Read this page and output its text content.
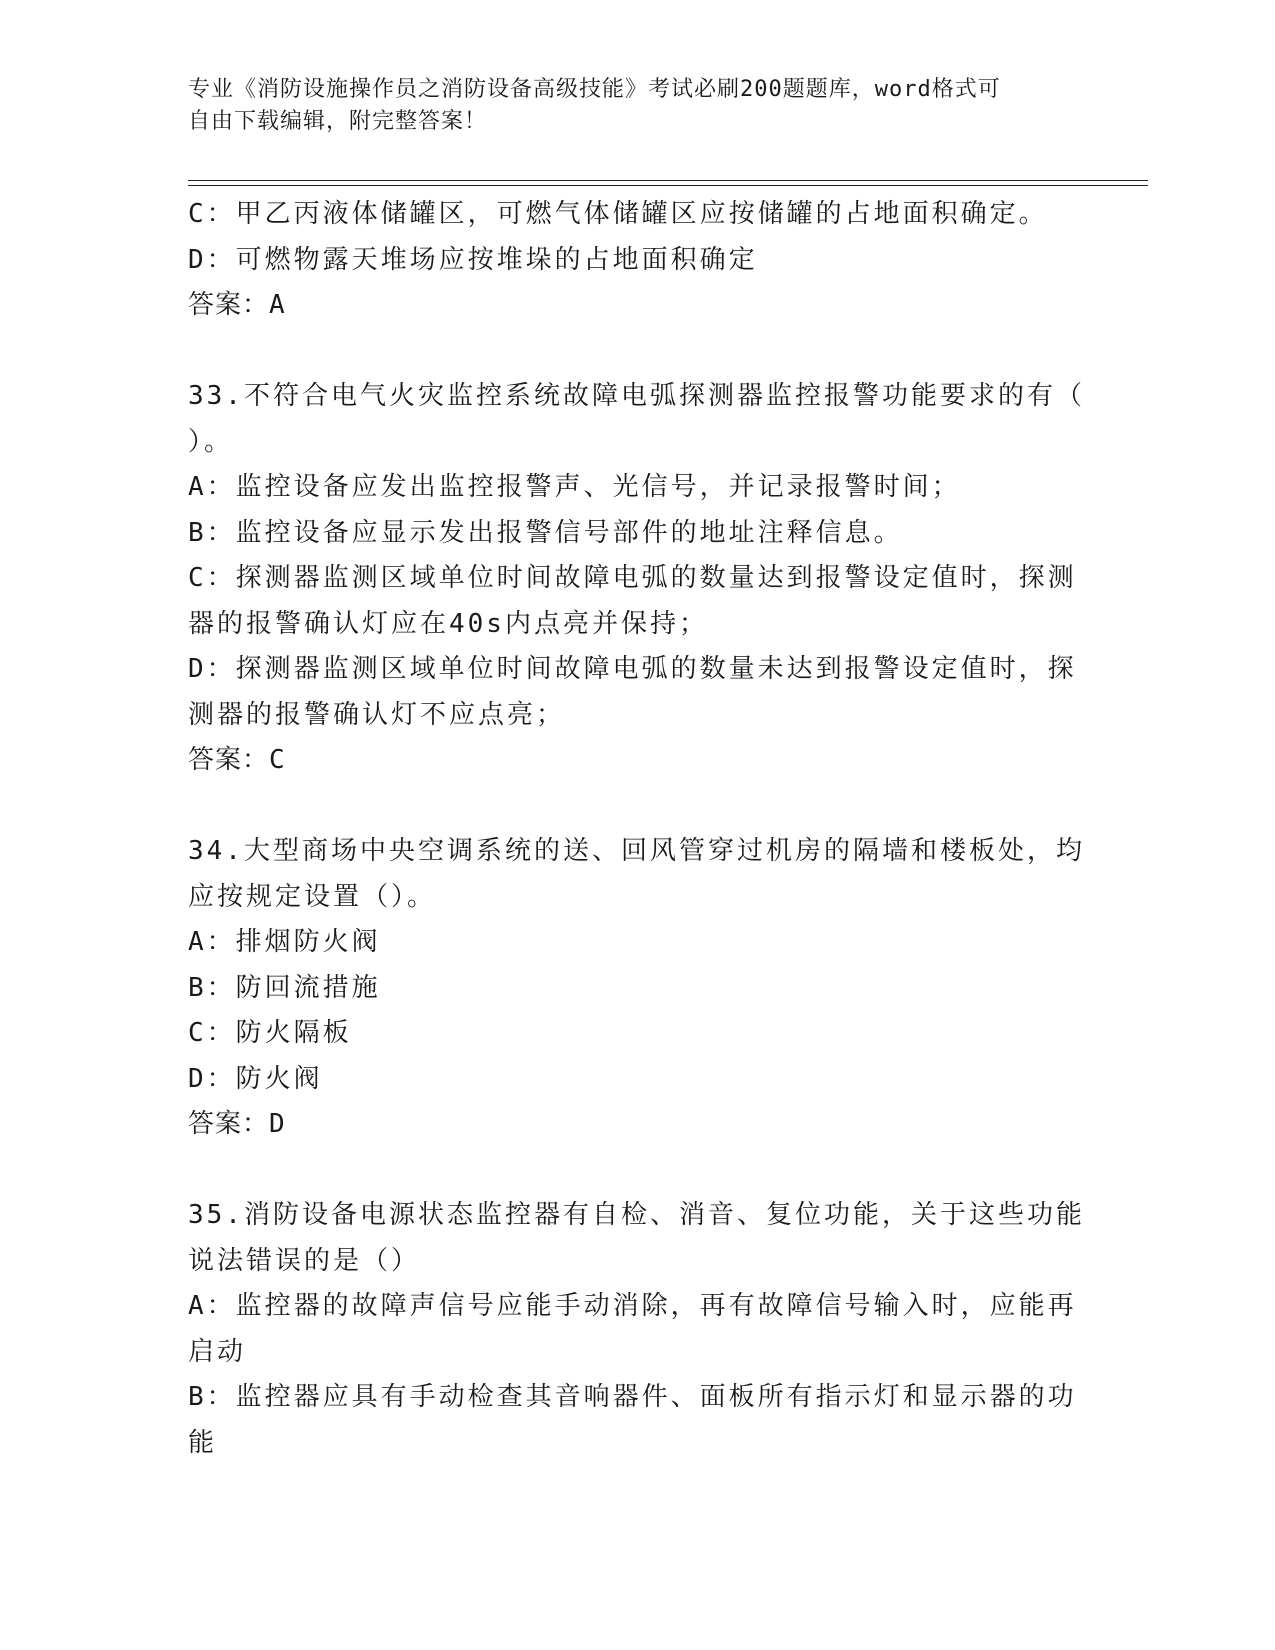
专业《消防设施操作员之消防设备高级技能》考试必刷200题题库，word格式可
自由下载编辑，附完整答案！
C：甲乙丙液体储罐区，可燃气体储罐区应按储罐的占地面积确定。
D：可燃物露天堆场应按堆垛的占地面积确定
答案：A
33.不符合电气火灾监控系统故障电弧探测器监控报警功能要求的有（
）。
A：监控设备应发出监控报警声、光信号，并记录报警时间；
B：监控设备应显示发出报警信号部件的地址注释信息。
C：探测器监测区域单位时间故障电弧的数量达到报警设定值时，探测
器的报警确认灯应在40s内点亮并保持；
D：探测器监测区域单位时间故障电弧的数量未达到报警设定值时，探
测器的报警确认灯不应点亮；
答案：C
34.大型商场中央空调系统的送、回风管穿过机房的隔墙和楼板处，均
应按规定设置（）。
A：排烟防火阀
B：防回流措施
C：防火隔板
D：防火阀
答案：D
35.消防设备电源状态监控器有自检、消音、复位功能，关于这些功能
说法错误的是（）
A：监控器的故障声信号应能手动消除，再有故障信号输入时，应能再
启动
B：监控器应具有手动检查其音响器件、面板所有指示灯和显示器的功
能
